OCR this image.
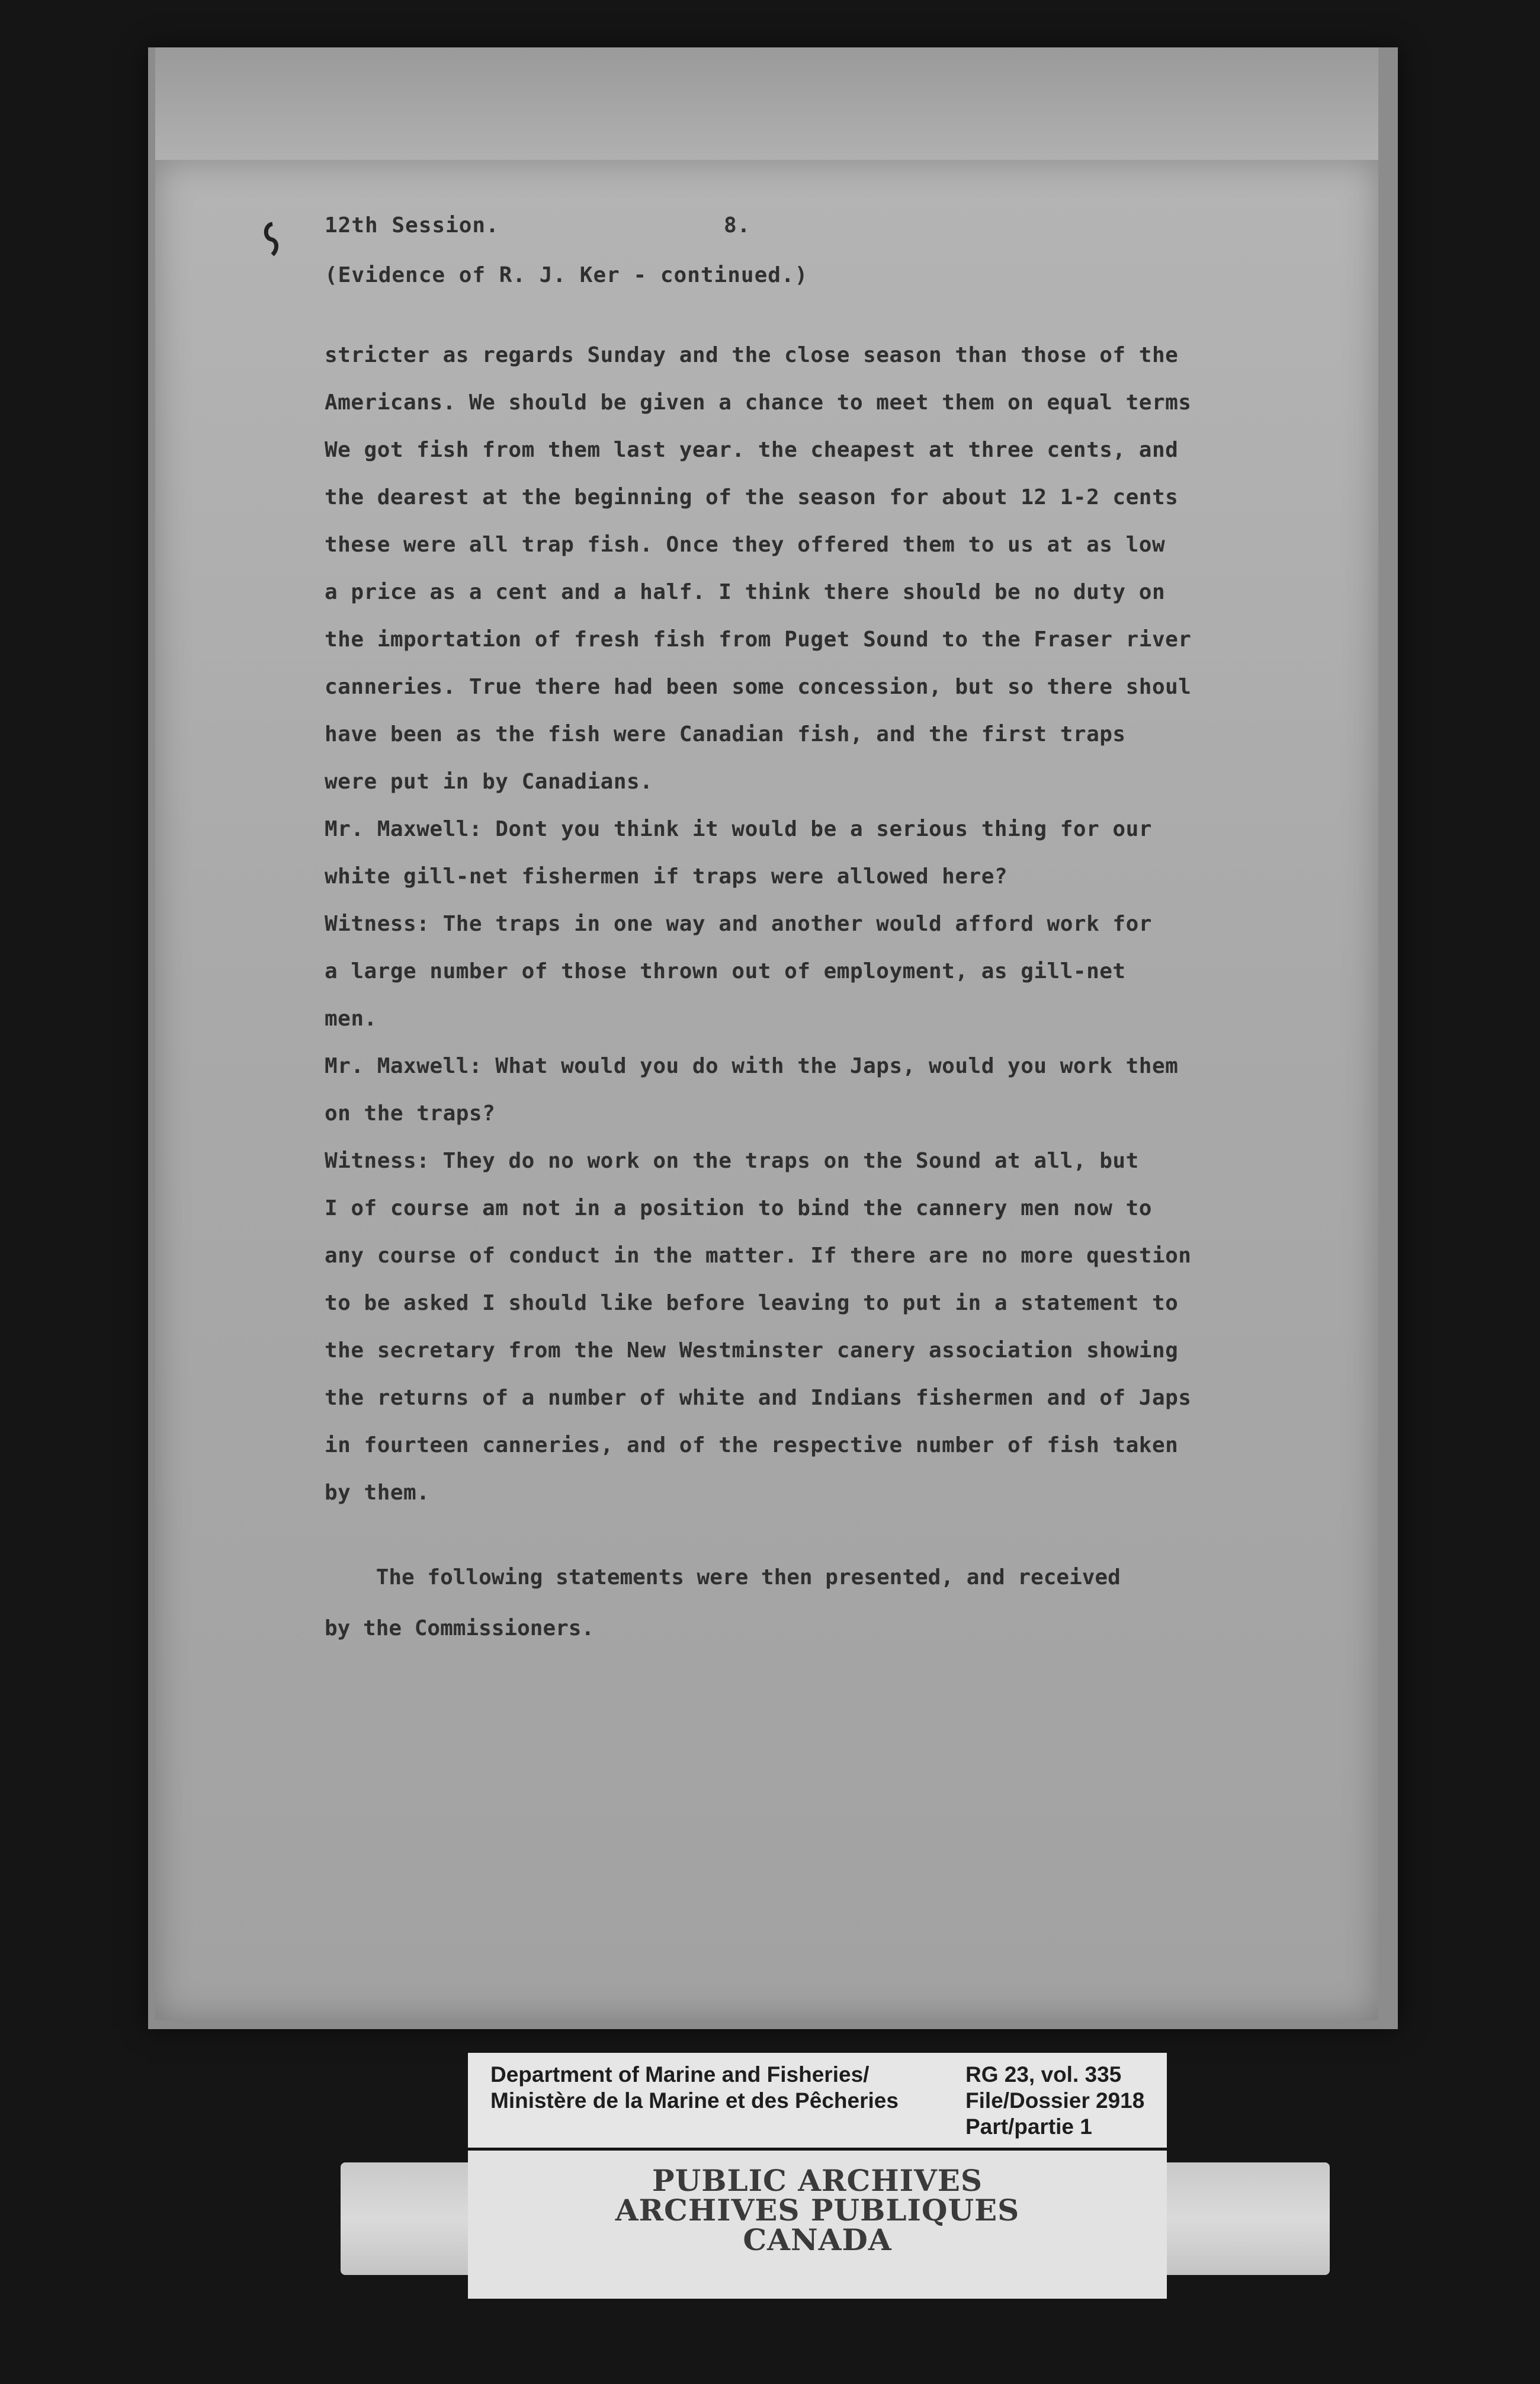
12th Session.	8.
(Evidence of R. J. Ker - continued.)
stricter as regards Sunday and the close season than those of the
Americans. We should be given a chance to meet them on equal terms
We got fish from them last year. the cheapest at three cents, and
the dearest at the beginning of the season for about 12 1-2 cents
these were all trap fish. Once they offered them to us at as low
a price as a cent and a half. I think there should be no duty on
the importation of fresh fish from Puget Sound to the Fraser river
canneries. True there had been some concession, but so there shoul
have been as the fish were Canadian fish, and the first traps
were put in by Canadians.
Mr. Maxwell: Dont you think it would be a serious thing for our
white gill-net fishermen if traps were allowed here?
Witness: The traps in one way and another would afford work for
a large number of those thrown out of employment, as gill-net
men.
Mr. Maxwell: What would you do with the Japs, would you work them
on the traps?
Witness: They do no work on the traps on the Sound at all, but
I of course am not in a position to bind the cannery men now to
any course of conduct in the matter. If there are no more question
to be asked I should like before leaving to put in a statement to
the secretary from the New Westminster canery association showing
the returns of a number of white and Indians fishermen and of Japs
in fourteen canneries, and of the respective number of fish taken
by them.
The following statements were then presented, and received
by the Commissioners.
Department of Marine and Fisheries/
Ministère de la Marine et des Pêcheries
RG 23, vol. 335
File/Dossier 2918
Part/partie 1
PUBLIC ARCHIVES
ARCHIVES PUBLIQUES
CANADA
